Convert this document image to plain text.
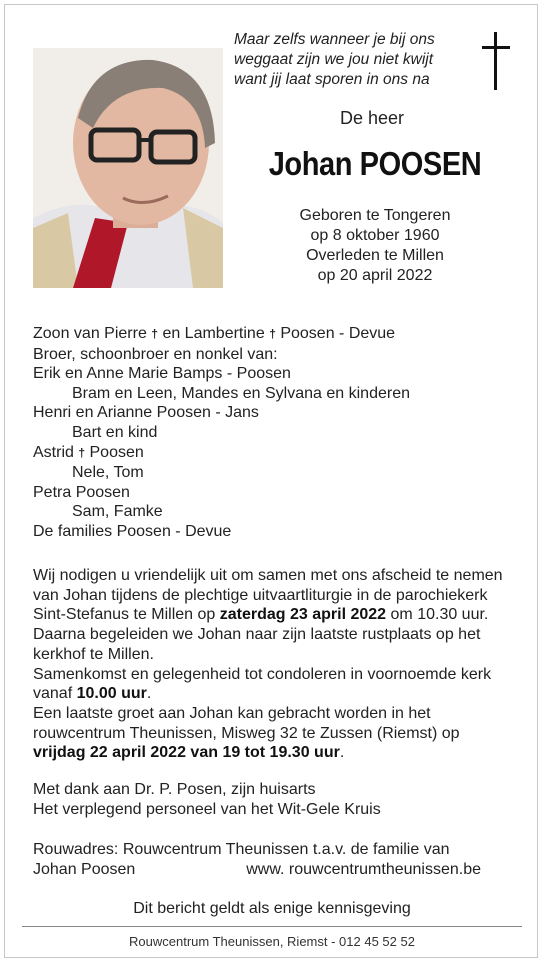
Maar zelfs wanneer je bij ons
weggaat zijn we jou niet kwijt
want jij laat sporen in ons na
De heer
Johan POOSEN
Geboren te Tongeren
op 8 oktober 1960
Overleden te Millen
op 20 april 2022
Zoon van Pierre † en Lambertine † Poosen - Devue
Broer, schoonbroer en nonkel van:
Erik en Anne Marie Bamps - Poosen
Bram en Leen, Mandes en Sylvana en kinderen
Henri en Arianne Poosen - Jans
Bart en kind
Astrid † Poosen
Nele, Tom
Petra Poosen
Sam, Famke
De families Poosen - Devue
Wij nodigen u vriendelijk uit om samen met ons afscheid te nemen van Johan tijdens de plechtige uitvaartliturgie in de parochiekerk Sint-Stefanus te Millen op zaterdag 23 april 2022 om 10.30 uur. Daarna begeleiden we Johan naar zijn laatste rustplaats op het kerkhof te Millen.
Samenkomst en gelegenheid tot condoleren in voornoemde kerk vanaf 10.00 uur.
Een laatste groet aan Johan kan gebracht worden in het rouwcentrum Theunissen, Misweg 32 te Zussen (Riemst) op vrijdag 22 april 2022 van 19 tot 19.30 uur.
Met dank aan Dr. P. Posen, zijn huisarts
Het verplegend personeel van het Wit-Gele Kruis
Rouwadres: Rouwcentrum Theunissen t.a.v. de familie van
Johan Poosen	www. rouwcentrumtheunissen.be
Dit bericht geldt als enige kennisgeving
Rouwcentrum Theunissen, Riemst - 012 45 52 52
